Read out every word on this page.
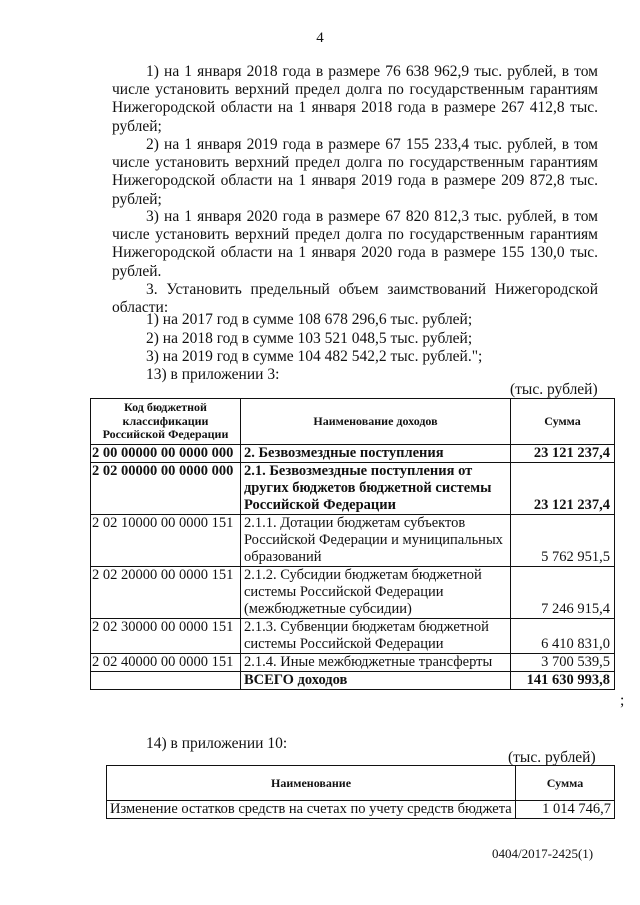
4
1) на 1 января 2018 года в размере 76 638 962,9 тыс. рублей, в том числе установить верхний предел долга по государственным гарантиям Нижегородской области на 1 января 2018 года в размере 267 412,8 тыс. рублей;
2) на 1 января 2019 года в размере 67 155 233,4 тыс. рублей, в том числе установить верхний предел долга по государственным гарантиям Нижегородской области на 1 января 2019 года в размере 209 872,8 тыс. рублей;
3) на 1 января 2020 года в размере 67 820 812,3 тыс. рублей, в том числе установить верхний предел долга по государственным гарантиям Нижегородской области на 1 января 2020 года в размере 155 130,0 тыс. рублей.
3. Установить предельный объем заимствований Нижегородской области:
1) на 2017 год в сумме 108 678 296,6 тыс. рублей;
2) на 2018 год в сумме 103 521 048,5 тыс. рублей;
3) на 2019 год в сумме 104 482 542,2 тыс. рублей.";
13) в приложении 3:
(тыс. рублей)
Код бюджетной классификации Российской Федерации	Наименование доходов	Сумма
2 00 00000 00 0000 000	2. Безвозмездные поступления	23 121 237,4
2 02 00000 00 0000 000	2.1. Безвозмездные поступления от других бюджетов бюджетной системы Российской Федерации	23 121 237,4
2 02 10000 00 0000 151	2.1.1. Дотации бюджетам субъектов Российской Федерации и муниципальных образований	5 762 951,5
2 02 20000 00 0000 151	2.1.2. Субсидии бюджетам бюджетной системы Российской Федерации (межбюджетные субсидии)	7 246 915,4
2 02 30000 00 0000 151	2.1.3. Субвенции бюджетам бюджетной системы Российской Федерации	6 410 831,0
2 02 40000 00 0000 151	2.1.4. Иные межбюджетные трансферты	3 700 539,5
	ВСЕГО доходов	141 630 993,8
;
14) в приложении 10:
(тыс. рублей)
Наименование	Сумма
Изменение остатков средств на счетах по учету средств бюджета	1 014 746,7
0404/2017-2425(1)
